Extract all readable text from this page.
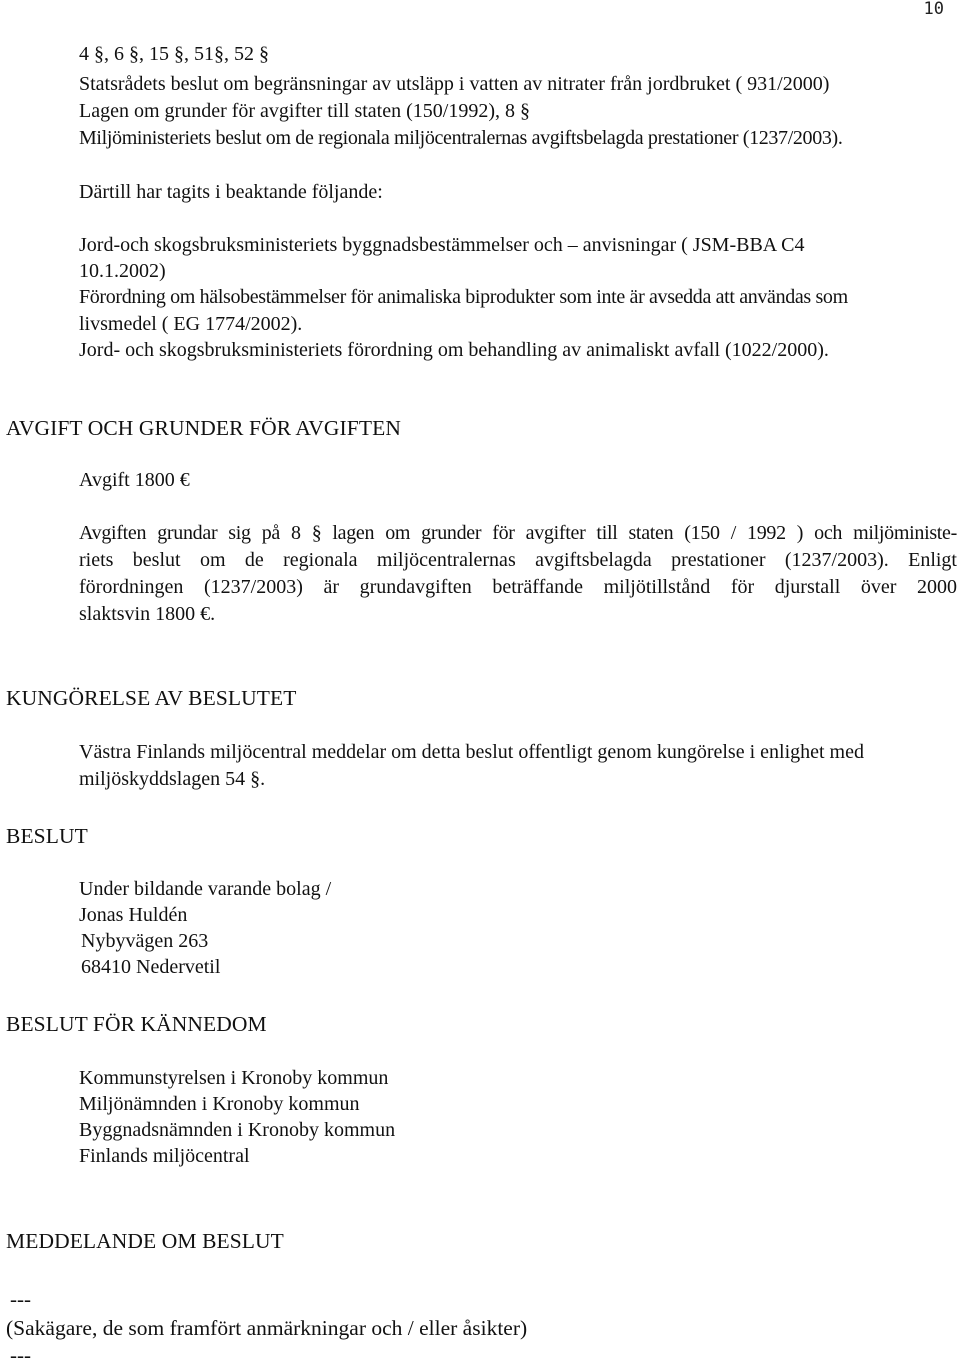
10
4 §, 6 §, 15 §, 51§, 52 §
Statsrådets beslut om begränsningar av utsläpp i vatten av nitrater från jordbruket ( 931/2000)
Lagen om grunder för avgifter till staten (150/1992), 8 §
Miljöministeriets beslut om de regionala miljöcentralernas avgiftsbelagda prestationer (1237/2003).
Därtill har tagits i beaktande följande:
Jord-och skogsbruksministeriets byggnadsbestämmelser och – anvisningar ( JSM-BBA C4
10.1.2002)
Förordning om hälsobestämmelser för animaliska biprodukter som inte är avsedda att användas som
livsmedel ( EG 1774/2002).
Jord- och skogsbruksministeriets förordning om behandling av animaliskt avfall (1022/2000).
AVGIFT OCH GRUNDER FÖR AVGIFTEN
Avgift 1800 €
Avgiften grundar sig på 8 § lagen om grunder för avgifter till staten (150 / 1992 ) och miljöministe-
riets beslut om de regionala miljöcentralernas avgiftsbelagda prestationer (1237/2003). Enligt
förordningen (1237/2003) är grundavgiften beträffande miljötillstånd för djurstall över 2000
slaktsvin 1800 €.
KUNGÖRELSE AV BESLUTET
Västra Finlands miljöcentral meddelar om detta beslut offentligt genom kungörelse i enlighet med
miljöskyddslagen 54 §.
BESLUT
Under bildande varande bolag /
Jonas Huldén
Nybyvägen 263
68410 Nedervetil
BESLUT FÖR KÄNNEDOM
Kommunstyrelsen i Kronoby kommun
Miljönämnden i Kronoby kommun
Byggnadsnämnden i Kronoby kommun
Finlands miljöcentral
MEDDELANDE OM BESLUT
---
(Sakägare, de som framfört anmärkningar och / eller åsikter)
---
